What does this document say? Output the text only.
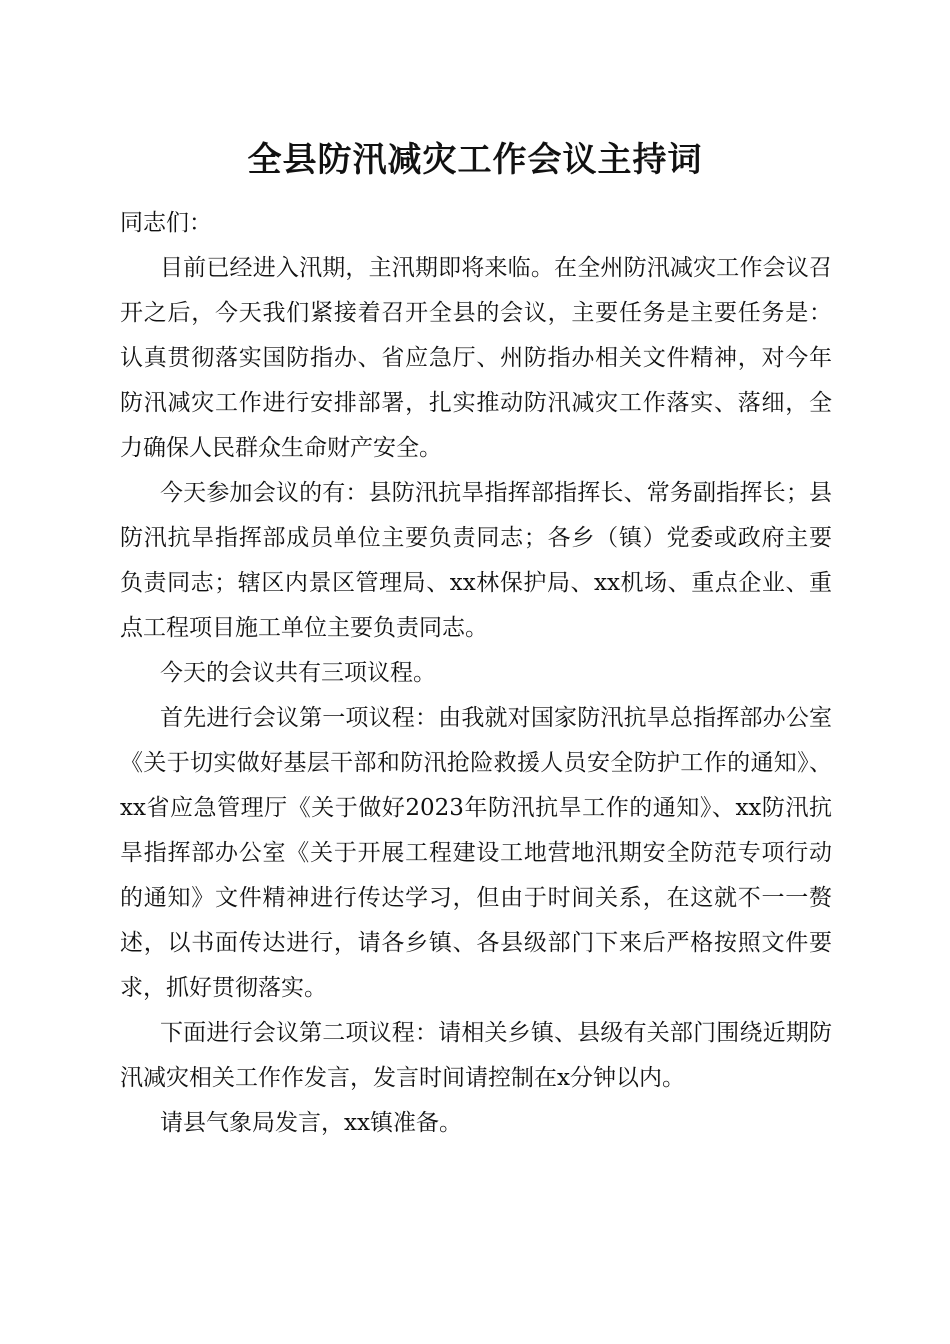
全县防汛减灾工作会议主持词

同志们：

目前已经进入汛期，主汛期即将来临。在全州防汛减灾工作会议召开之后，今天我们紧接着召开全县的会议，主要任务是主要任务是：认真贯彻落实国防指办、省应急厅、州防指办相关文件精神，对今年防汛减灾工作进行安排部署，扎实推动防汛减灾工作落实、落细，全力确保人民群众生命财产安全。

今天参加会议的有：县防汛抗旱指挥部指挥长、常务副指挥长；县防汛抗旱指挥部成员单位主要负责同志；各乡（镇）党委或政府主要负责同志；辖区内景区管理局、xx林保护局、xx机场、重点企业、重点工程项目施工单位主要负责同志。

今天的会议共有三项议程。

首先进行会议第一项议程：由我就对国家防汛抗旱总指挥部办公室《关于切实做好基层干部和防汛抢险救援人员安全防护工作的通知》、xx省应急管理厅《关于做好2023年防汛抗旱工作的通知》、xx防汛抗旱指挥部办公室《关于开展工程建设工地营地汛期安全防范专项行动的通知》文件精神进行传达学习，但由于时间关系，在这就不一一赘述，以书面传达进行，请各乡镇、各县级部门下来后严格按照文件要求，抓好贯彻落实。

下面进行会议第二项议程：请相关乡镇、县级有关部门围绕近期防汛减灾相关工作作发言，发言时间请控制在x分钟以内。

请县气象局发言，xx镇准备。
